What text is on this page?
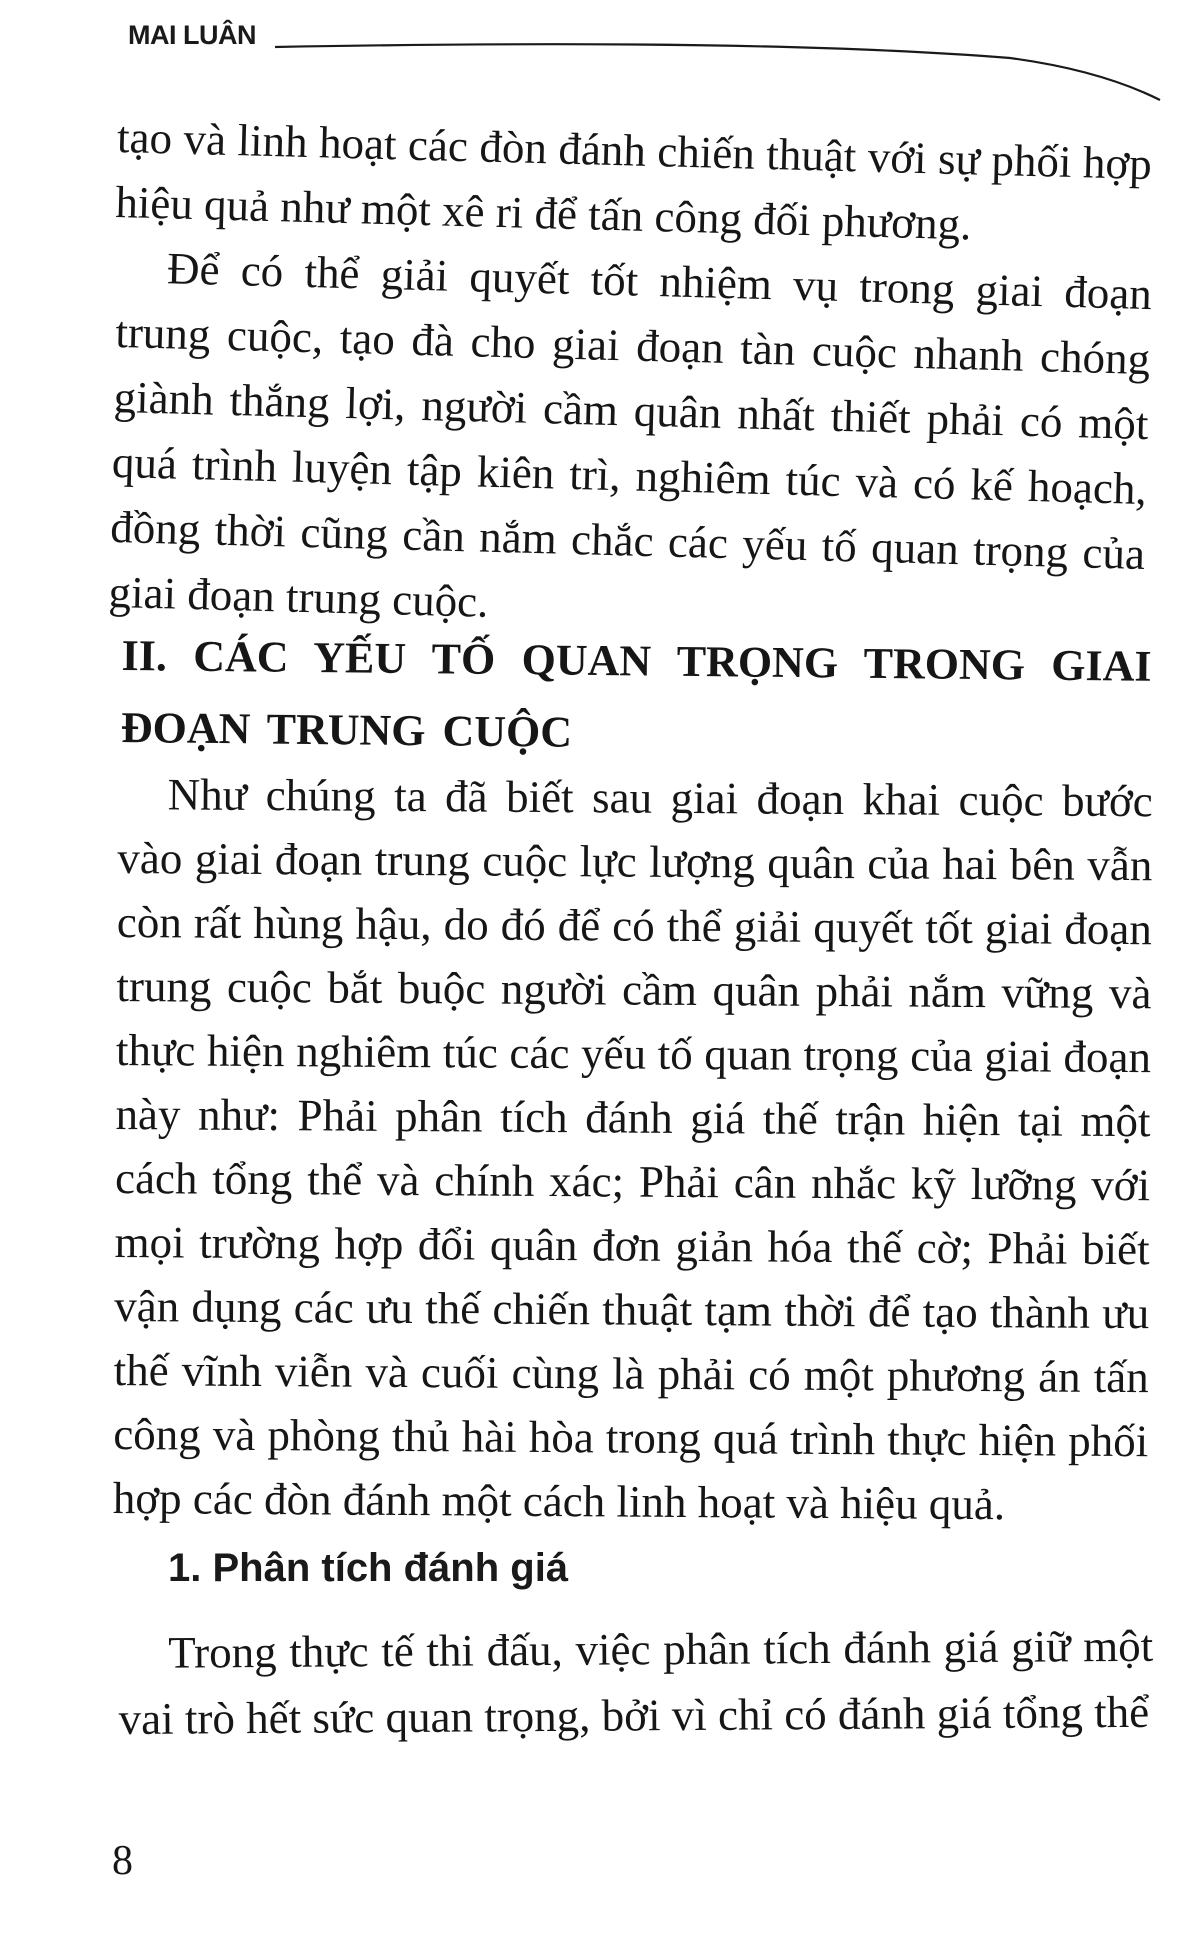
MAI LUÂN

tạo và linh hoạt các đòn đánh chiến thuật với sự phối hợp hiệu quả như một xê ri để tấn công đối phương.

Để có thể giải quyết tốt nhiệm vụ trong giai đoạn trung cuộc, tạo đà cho giai đoạn tàn cuộc nhanh chóng giành thắng lợi, người cầm quân nhất thiết phải có một quá trình luyện tập kiên trì, nghiêm túc và có kế hoạch, đồng thời cũng cần nắm chắc các yếu tố quan trọng của giai đoạn trung cuộc.

II. CÁC YẾU TỐ QUAN TRỌNG TRONG GIAI ĐOẠN TRUNG CUỘC

Như chúng ta đã biết sau giai đoạn khai cuộc bước vào giai đoạn trung cuộc lực lượng quân của hai bên vẫn còn rất hùng hậu, do đó để có thể giải quyết tốt giai đoạn trung cuộc bắt buộc người cầm quân phải nắm vững và thực hiện nghiêm túc các yếu tố quan trọng của giai đoạn này như: Phải phân tích đánh giá thế trận hiện tại một cách tổng thể và chính xác; Phải cân nhắc kỹ lưỡng với mọi trường hợp đổi quân đơn giản hóa thế cờ; Phải biết vận dụng các ưu thế chiến thuật tạm thời để tạo thành ưu thế vĩnh viễn và cuối cùng là phải có một phương án tấn công và phòng thủ hài hòa trong quá trình thực hiện phối hợp các đòn đánh một cách linh hoạt và hiệu quả.

1. Phân tích đánh giá

Trong thực tế thi đấu, việc phân tích đánh giá giữ một vai trò hết sức quan trọng, bởi vì chỉ có đánh giá tổng thể

8
